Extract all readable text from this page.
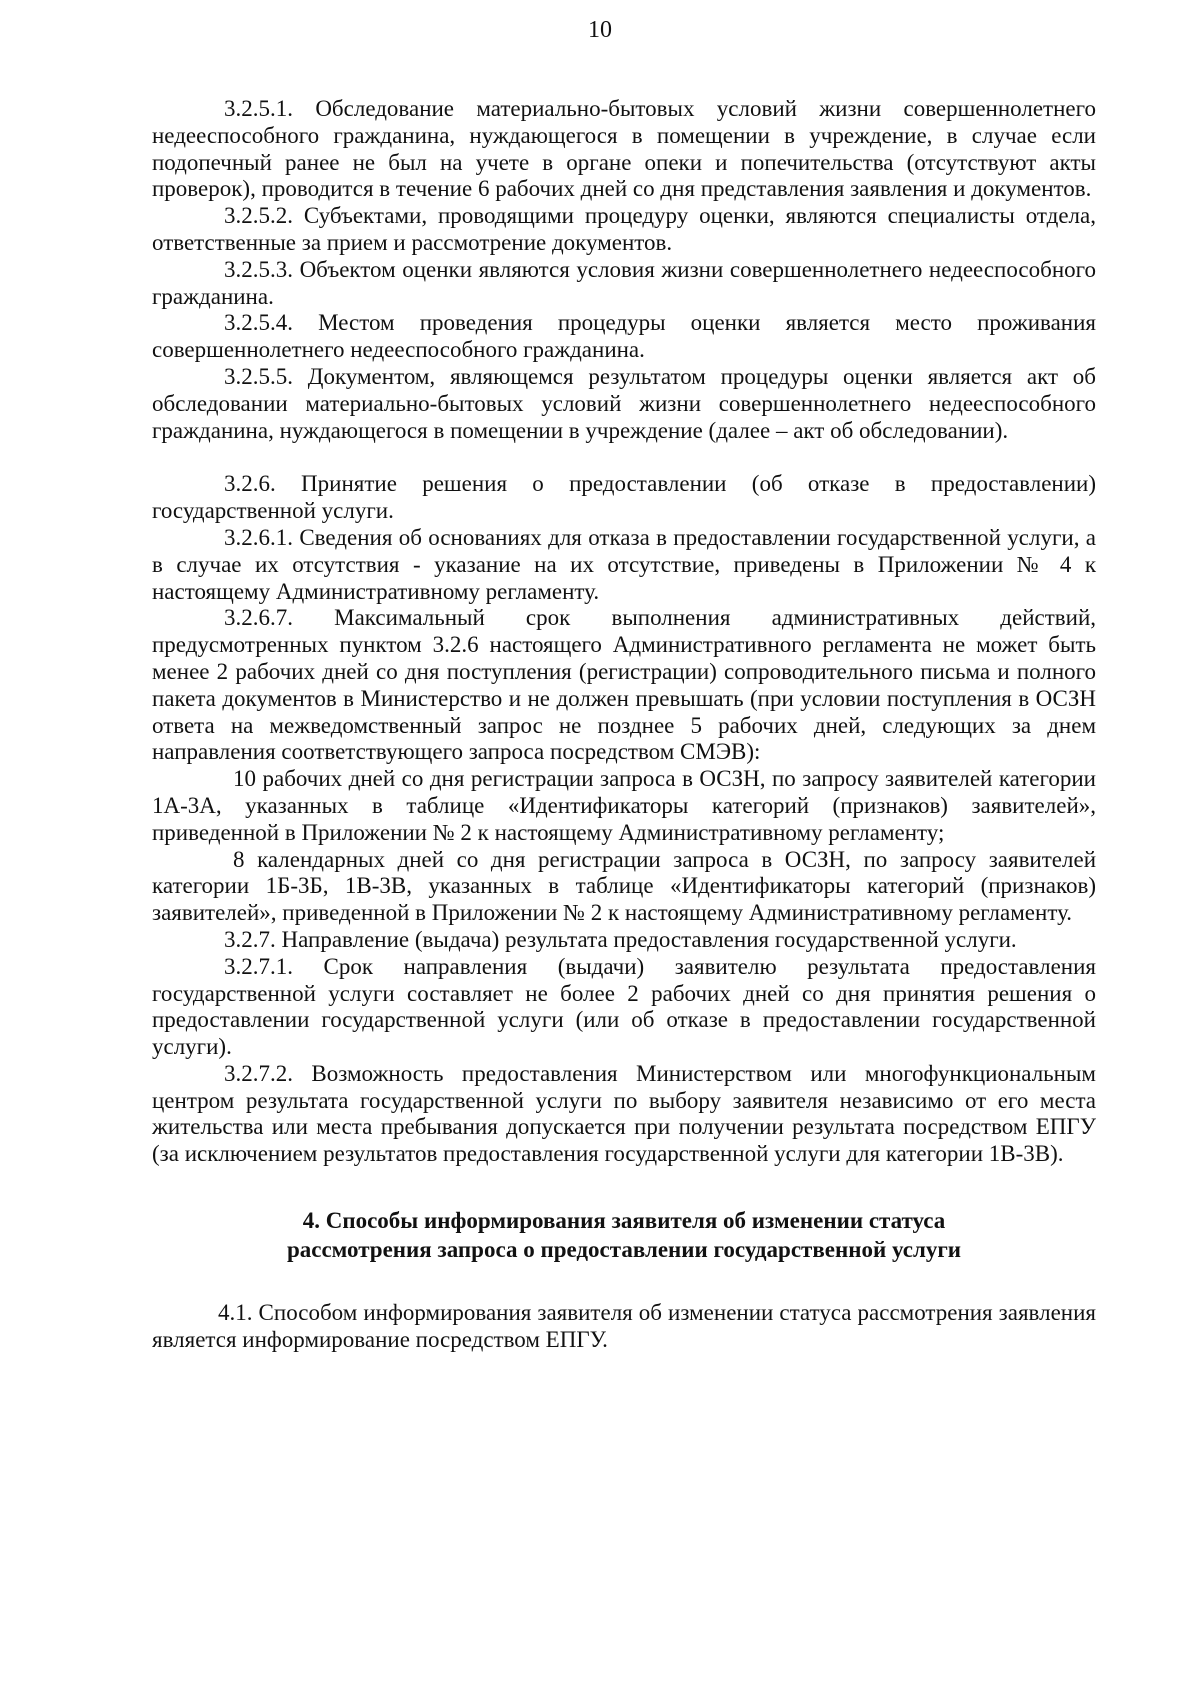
10

3.2.5.1. Обследование материально-бытовых условий жизни совершеннолетнего недееспособного гражданина, нуждающегося в помещении в учреждение, в случае если подопечный ранее не был на учете в органе опеки и попечительства (отсутствуют акты проверок), проводится в течение 6 рабочих дней со дня представления заявления и документов.

3.2.5.2. Субъектами, проводящими процедуру оценки, являются специалисты отдела, ответственные за прием и рассмотрение документов.

3.2.5.3. Объектом оценки являются условия жизни совершеннолетнего недееспособного гражданина.

3.2.5.4. Местом проведения процедуры оценки является место проживания совершеннолетнего недееспособного гражданина.

3.2.5.5. Документом, являющемся результатом процедуры оценки является акт об обследовании материально-бытовых условий жизни совершеннолетнего недееспособного гражданина, нуждающегося в помещении в учреждение (далее – акт об обследовании).

3.2.6. Принятие решения о предоставлении (об отказе в предоставлении) государственной услуги.

3.2.6.1. Сведения об основаниях для отказа в предоставлении государственной услуги, а в случае их отсутствия - указание на их отсутствие, приведены в Приложении № 4 к настоящему Административному регламенту.

3.2.6.7. Максимальный срок выполнения административных действий, предусмотренных пунктом 3.2.6 настоящего Административного регламента не может быть менее 2 рабочих дней со дня поступления (регистрации) сопроводительного письма и полного пакета документов в Министерство и не должен превышать (при условии поступления в ОСЗН ответа на межведомственный запрос не позднее 5 рабочих дней, следующих за днем направления соответствующего запроса посредством СМЭВ):

10 рабочих дней со дня регистрации запроса в ОСЗН, по запросу заявителей категории 1А-3А, указанных в таблице «Идентификаторы категорий (признаков) заявителей», приведенной в Приложении № 2 к настоящему Административному регламенту;

8 календарных дней со дня регистрации запроса в ОСЗН, по запросу заявителей категории 1Б-3Б, 1В-3В, указанных в таблице «Идентификаторы категорий (признаков) заявителей», приведенной в Приложении № 2 к настоящему Административному регламенту.

3.2.7. Направление (выдача) результата предоставления государственной услуги.

3.2.7.1. Срок направления (выдачи) заявителю результата предоставления государственной услуги составляет не более 2 рабочих дней со дня принятия решения о предоставлении государственной услуги (или об отказе в предоставлении государственной услуги).

3.2.7.2. Возможность предоставления Министерством или многофункциональным центром результата государственной услуги по выбору заявителя независимо от его места жительства или места пребывания допускается при получении результата посредством ЕПГУ (за исключением результатов предоставления государственной услуги для категории 1В-3В).

4. Способы информирования заявителя об изменении статуса
рассмотрения запроса о предоставлении государственной услуги

4.1. Способом информирования заявителя об изменении статуса рассмотрения заявления является информирование посредством ЕПГУ.
